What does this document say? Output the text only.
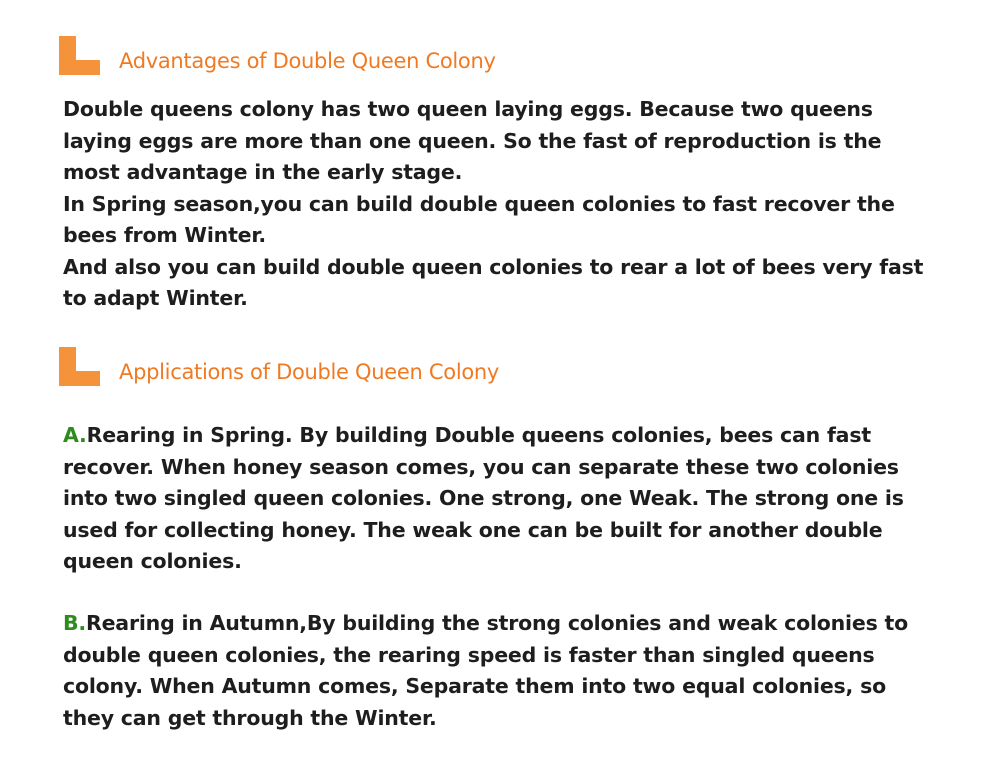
Advantages of Double Queen Colony

Double queens colony has two queen laying eggs. Because two queens laying eggs are more than one queen. So the fast of reproduction is the most advantage in the early stage.

In Spring season,you can build double queen colonies to fast recover the bees from Winter.

And also you can build double queen colonies to rear a lot of bees very fast to adapt Winter.

Applications of Double Queen Colony

A.Rearing in Spring. By building Double queens colonies, bees can fast recover. When honey season comes, you can separate these two colonies into two singled queen colonies. One strong, one Weak. The strong one is used for collecting honey. The weak one can be built for another double queen colonies.

B.Rearing in Autumn,By building the strong colonies and weak colonies to double queen colonies, the rearing speed is faster than singled queens colony. When Autumn comes, Separate them into two equal colonies, so they can get through the Winter.
